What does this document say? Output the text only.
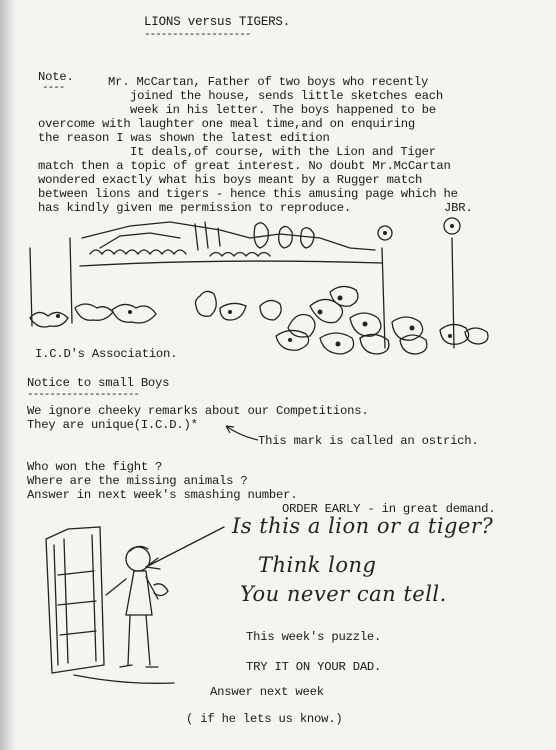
LIONS versus TIGERS.
-------------------
Note.
----	Mr. McCartan, Father of two boys who recently
joined the house, sends little sketches each
week in his letter. The boys happened to be
overcome with laughter one meal time,and on enquiring
the reason I was shown the latest edition
It deals,of course, with the Lion and Tiger
match then a topic of great interest. No doubt Mr.McCartan
wondered exactly what his boys meant by a Rugger match
between lions and tigers - hence this amusing page which he
has kindly given me permission to reproduce.	JBR.
I.C.D's Association.
Notice to small Boys
--------------------
We ignore cheeky remarks about our Competitions.
They are unique(I.C.D.)*
This mark is called an ostrich.
Who won the fight ?
Where are the missing animals ?
Answer in next week's smashing number.
ORDER EARLY - in great demand.
Is this a lion or a tiger?
Think long
You never can tell.
This week's puzzle.
TRY IT ON YOUR DAD.
Answer next week
( if he lets us know.)
